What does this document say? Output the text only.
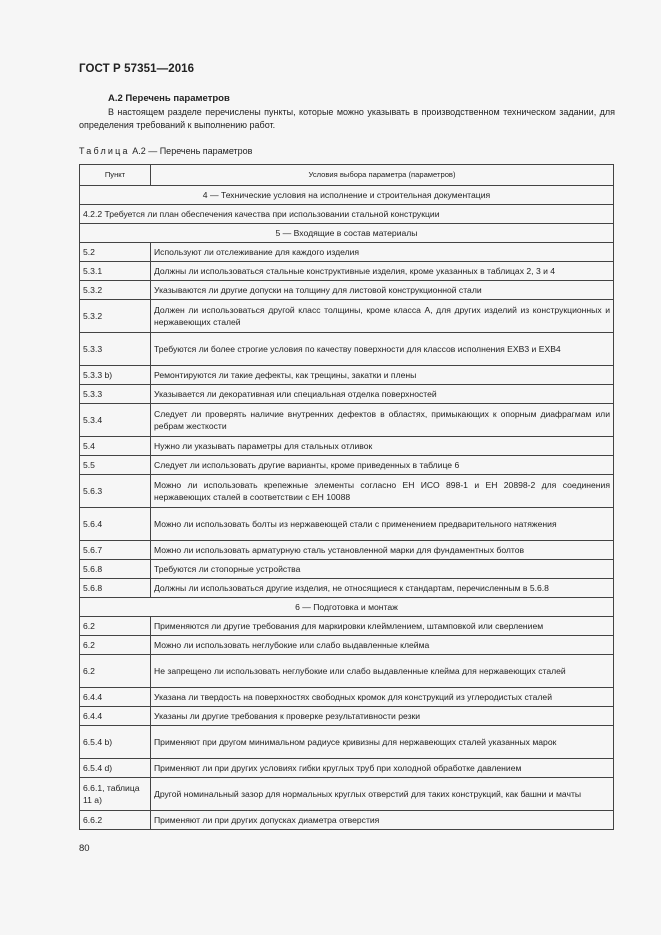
ГОСТ Р 57351—2016
А.2 Перечень параметров
В настоящем разделе перечислены пункты, которые можно указывать в производственном техническом задании, для определения требований к выполнению работ.
Таблица А.2 — Перечень параметров
Пункт	Условия выбора параметра (параметров)
4 — Технические условия на исполнение и строительная документация	
4.2.2 Требуется ли план обеспечения качества при использовании стальной конструкции	
5 — Входящие в состав материалы	
5.2	Используют ли отслеживание для каждого изделия
5.3.1	Должны ли использоваться стальные конструктивные изделия, кроме указанных в таблицах 2, 3 и 4
5.3.2	Указываются ли другие допуски на толщину для листовой конструкционной стали
5.3.2	Должен ли использоваться другой класс толщины, кроме класса А, для других изделий из конструкционных и нержавеющих сталей
5.3.3	Требуются ли более строгие условия по качеству поверхности для классов исполнения ЕХВ3 и ЕХВ4
5.3.3 b)	Ремонтируются ли такие дефекты, как трещины, закатки и плены
5.3.3	Указывается ли декоративная или специальная отделка поверхностей
5.3.4	Следует ли проверять наличие внутренних дефектов в областях, примыкающих к опорным диафрагмам или ребрам жесткости
5.4	Нужно ли указывать параметры для стальных отливок
5.5	Следует ли использовать другие варианты, кроме приведенных в таблице 6
5.6.3	Можно ли использовать крепежные элементы согласно ЕН ИСО 898-1 и ЕН 20898-2 для соединения нержавеющих сталей в соответствии с ЕН 10088
5.6.4	Можно ли использовать болты из нержавеющей стали с применением предварительного натяжения
5.6.7	Можно ли использовать арматурную сталь установленной марки для фундаментных болтов
5.6.8	Требуются ли стопорные устройства
5.6.8	Должны ли использоваться другие изделия, не относящиеся к стандартам, перечисленным в 5.6.8
6 — Подготовка и монтаж	
6.2	Применяются ли другие требования для маркировки клеймлением, штамповкой или сверлением
6.2	Можно ли использовать неглубокие или слабо выдавленные клейма
6.2	Не запрещено ли использовать неглубокие или слабо выдавленные клейма для нержавеющих сталей
6.4.4	Указана ли твердость на поверхностях свободных кромок для конструкций из углеродистых сталей
6.4.4	Указаны ли другие требования к проверке результативности резки
6.5.4 b)	Применяют при другом минимальном радиусе кривизны для нержавеющих сталей указанных марок
6.5.4 d)	Применяют ли при других условиях гибки круглых труб при холодной обработке давлением
6.6.1, таблица 11 а)	Другой номинальный зазор для нормальных круглых отверстий для таких конструкций, как башни и мачты
6.6.2	Применяют ли при других допусках диаметра отверстия
80
